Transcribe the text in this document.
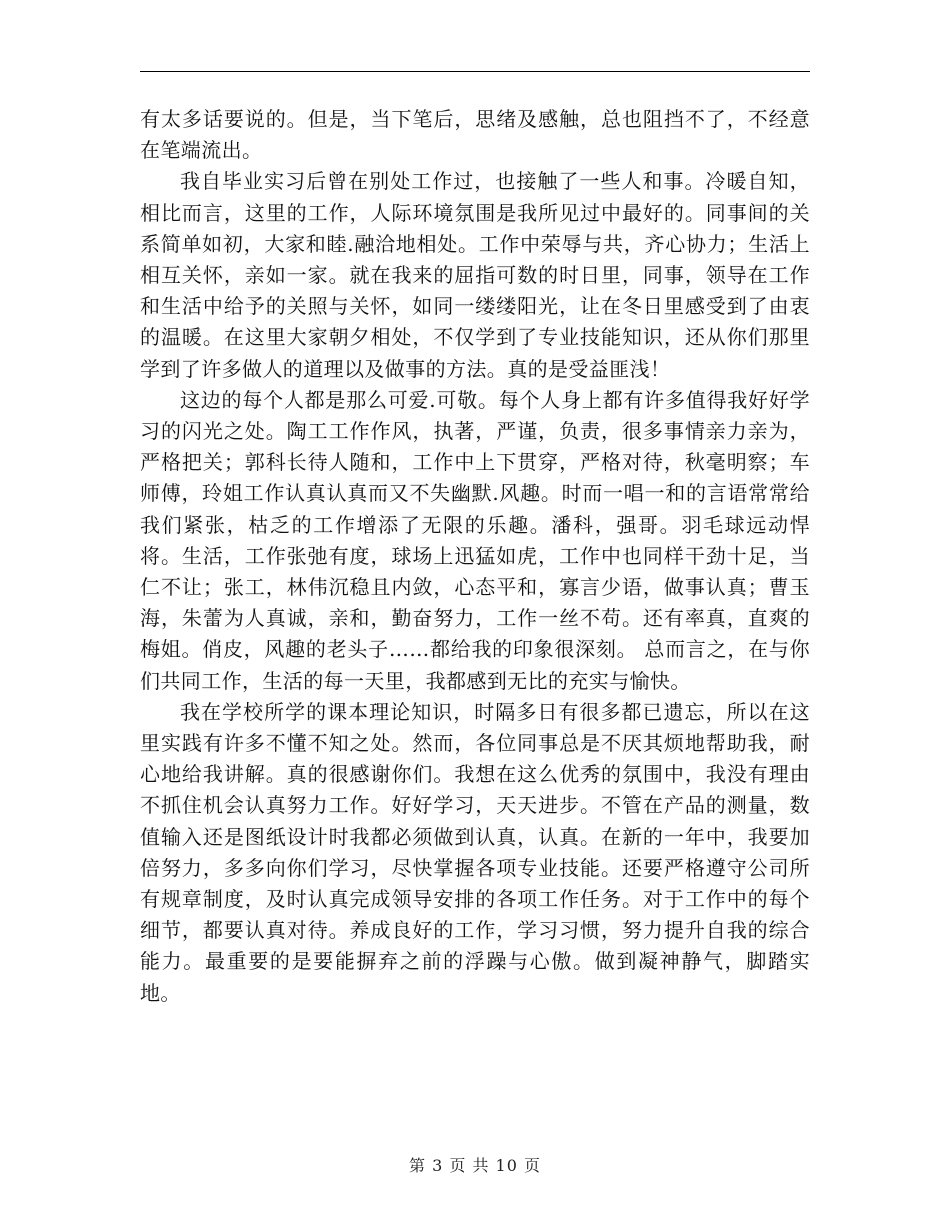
有太多话要说的。但是，当下笔后，思绪及感触，总也阻挡不了，不经意在笔端流出。

我自毕业实习后曾在别处工作过，也接触了一些人和事。冷暖自知，相比而言，这里的工作，人际环境氛围是我所见过中最好的。同事间的关系简单如初，大家和睦.融洽地相处。工作中荣辱与共，齐心协力；生活上相互关怀，亲如一家。就在我来的屈指可数的时日里，同事，领导在工作和生活中给予的关照与关怀，如同一缕缕阳光，让在冬日里感受到了由衷的温暖。在这里大家朝夕相处，不仅学到了专业技能知识，还从你们那里学到了许多做人的道理以及做事的方法。真的是受益匪浅！

这边的每个人都是那么可爱.可敬。每个人身上都有许多值得我好好学习的闪光之处。陶工工作作风，执著，严谨，负责，很多事情亲力亲为，严格把关；郭科长待人随和，工作中上下贯穿，严格对待，秋毫明察；车师傅，玲姐工作认真认真而又不失幽默.风趣。时而一唱一和的言语常常给我们紧张，枯乏的工作增添了无限的乐趣。潘科，强哥。羽毛球远动悍将。生活，工作张弛有度，球场上迅猛如虎，工作中也同样干劲十足，当仁不让；张工，林伟沉稳且内敛，心态平和，寡言少语，做事认真；曹玉海，朱蕾为人真诚，亲和，勤奋努力，工作一丝不苟。还有率真，直爽的梅姐。俏皮，风趣的老头子……都给我的印象很深刻。 总而言之，在与你们共同工作，生活的每一天里，我都感到无比的充实与愉快。

我在学校所学的课本理论知识，时隔多日有很多都已遗忘，所以在这里实践有许多不懂不知之处。然而，各位同事总是不厌其烦地帮助我，耐心地给我讲解。真的很感谢你们。我想在这么优秀的氛围中，我没有理由不抓住机会认真努力工作。好好学习，天天进步。不管在产品的测量，数值输入还是图纸设计时我都必须做到认真，认真。在新的一年中，我要加倍努力，多多向你们学习，尽快掌握各项专业技能。还要严格遵守公司所有规章制度，及时认真完成领导安排的各项工作任务。对于工作中的每个细节，都要认真对待。养成良好的工作，学习习惯，努力提升自我的综合能力。最重要的是要能摒弃之前的浮躁与心傲。做到凝神静气，脚踏实地。

第 3 页 共 10 页
